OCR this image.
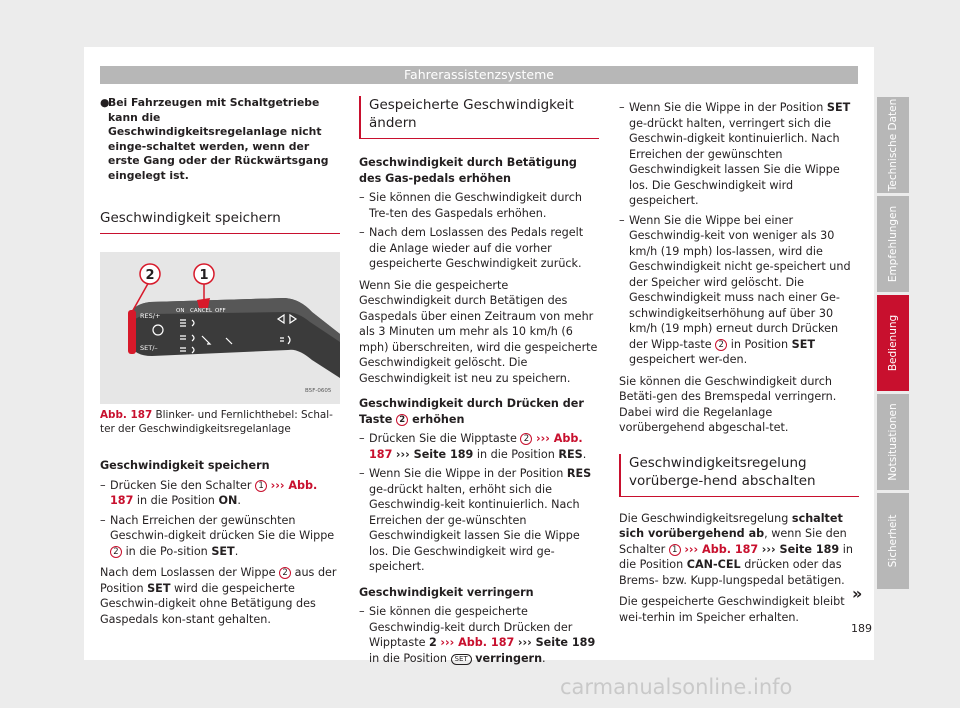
Fahrerassistenzsysteme
●
Bei Fahrzeugen mit Schaltgetriebe kann die Geschwindigkeitsregelanlage nicht einge-schaltet werden, wenn der erste Gang oder der Rückwärtsgang eingelegt ist.
Geschwindigkeit speichern
2	1
RES/+
SET/–
ON CANCEL OFF
B5F-0605
Abb. 187 Blinker- und Fernlichthebel: Schal-ter der Geschwindigkeitsregelanlage
Geschwindigkeit speichern
– Drücken Sie den Schalter 1 ››› Abb. 187 in die Position ON.
– Nach Erreichen der gewünschten Geschwin-digkeit drücken Sie die Wippe 2 in die Po-sition SET.

Nach dem Loslassen der Wippe 2 aus der Position SET wird die gespeicherte Geschwin-digkeit ohne Betätigung des Gaspedals kon-stant gehalten.

Gespeicherte Geschwindigkeit ändern
Geschwindigkeit durch Betätigung des Gas-pedals erhöhen
– Sie können die Geschwindigkeit durch Tre-ten des Gaspedals erhöhen.
– Nach dem Loslassen des Pedals regelt die Anlage wieder auf die vorher gespeicherte Geschwindigkeit zurück.

Wenn Sie die gespeicherte Geschwindigkeit durch Betätigen des Gaspedals über einen Zeitraum von mehr als 3 Minuten um mehr als 10 km/h (6 mph) überschreiten, wird die gespeicherte Geschwindigkeit gelöscht. Die Geschwindigkeit ist neu zu speichern.

Geschwindigkeit durch Drücken der Taste 2 erhöhen
– Drücken Sie die Wipptaste 2 ››› Abb. 187 ››› Seite 189 in die Position RES.
– Wenn Sie die Wippe in der Position RES ge-drückt halten, erhöht sich die Geschwindig-keit kontinuierlich. Nach Erreichen der ge-wünschten Geschwindigkeit lassen Sie die Wippe los. Die Geschwindigkeit wird ge-speichert.
Geschwindigkeit verringern
– Sie können die gespeicherte Geschwindig-keit durch Drücken der Wipptaste 2 ››› Abb. 187 ››› Seite 189 in die Position SET verringern.
– Wenn Sie die Wippe in der Position SET ge-drückt halten, verringert sich die Geschwin-digkeit kontinuierlich. Nach Erreichen der gewünschten Geschwindigkeit lassen Sie die Wippe los. Die Geschwindigkeit wird gespeichert.
– Wenn Sie die Wippe bei einer Geschwindig-keit von weniger als 30 km/h (19 mph) los-lassen, wird die Geschwindigkeit nicht ge-speichert und der Speicher wird gelöscht. Die Geschwindigkeit muss nach einer Ge-schwindigkeitserhöhung auf über 30 km/h (19 mph) erneut durch Drücken der Wipp-taste 2 in Position SET gespeichert wer-den.

Sie können die Geschwindigkeit durch Betäti-gen des Bremspedal verringern. Dabei wird die Regelanlage vorübergehend abgeschal-tet.

Geschwindigkeitsregelung vorüberge-hend abschalten

Die Geschwindigkeitsregelung schaltet sich vorübergehend ab, wenn Sie den Schalter 1 ››› Abb. 187 ››› Seite 189 in die Position CAN-CEL drücken oder das Brems- bzw. Kupp-lungspedal betätigen.

Die gespeicherte Geschwindigkeit bleibt wei-terhin im Speicher erhalten.

»
Technische Daten
Empfehlungen
Bedienung
Notsituationen
Sicherheit
189
carmanualsonline.info
